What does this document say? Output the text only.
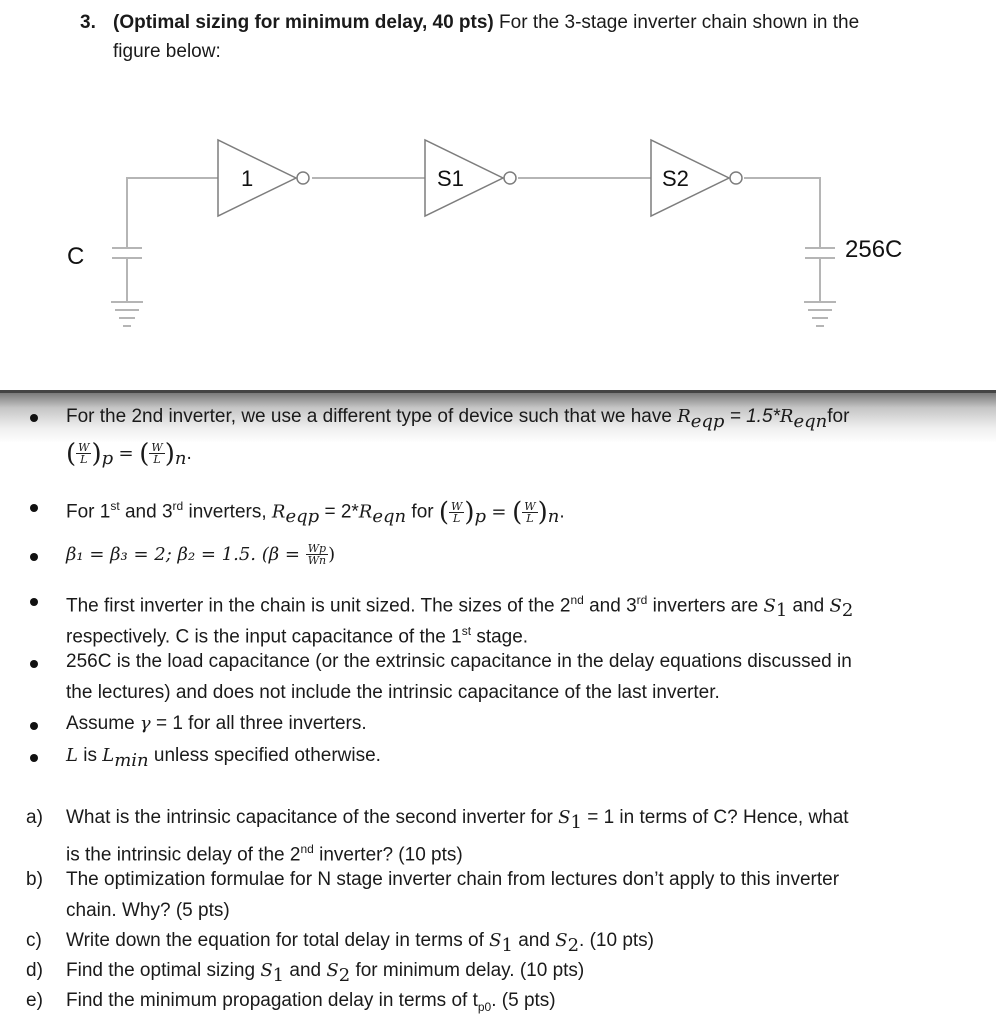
3. (Optimal sizing for minimum delay, 40 pts) For the 3-stage inverter chain shown in the
figure below:
1	S1	S2
C	256C
For the 2nd inverter, we use a different type of device such that we have $R_{eqp} = 1.5*R_{eqn}for$
( $\frac{W}{L} )_p$ = ( $\frac{W}{L} )_n$.
For 1st and 3rd inverters, $R_{eqp} = 2*R_{eqn}$ for ( $\frac{W}{L} )_p$ = ( $\frac{W}{L} )_n$.
β₁ = β₃ = 2; β₂ = 1.5. ($\beta = \frac{Wp}{Wn}$ )
The first inverter in the chain is unit sized. The sizes of the 2nd and 3rd inverters are $S_1$ and $S_2$
respectively. C is the input capacitance of the 1st stage.
256C is the load capacitance (or the extrinsic capacitance in the delay equations discussed in
the lectures) and does not include the intrinsic capacitance of the last inverter.
Assume γ = 1 for all three inverters.
L is $L_{min}$ unless specified otherwise.
a) What is the intrinsic capacitance of the second inverter for $S_1 = 1$ in terms of C? Hence, what
is the intrinsic delay of the 2nd inverter? (10 pts)
b) The optimization formulae for N stage inverter chain from lectures don’t apply to this inverter
chain. Why? (5 pts)
c) Write down the equation for total delay in terms of $S_1$ and $S_2$. (10 pts)
d) Find the optimal sizing $S_1$ and $S_2$ for minimum delay. (10 pts)
e) Find the minimum propagation delay in terms of $t_{p0}$. (5 pts)
